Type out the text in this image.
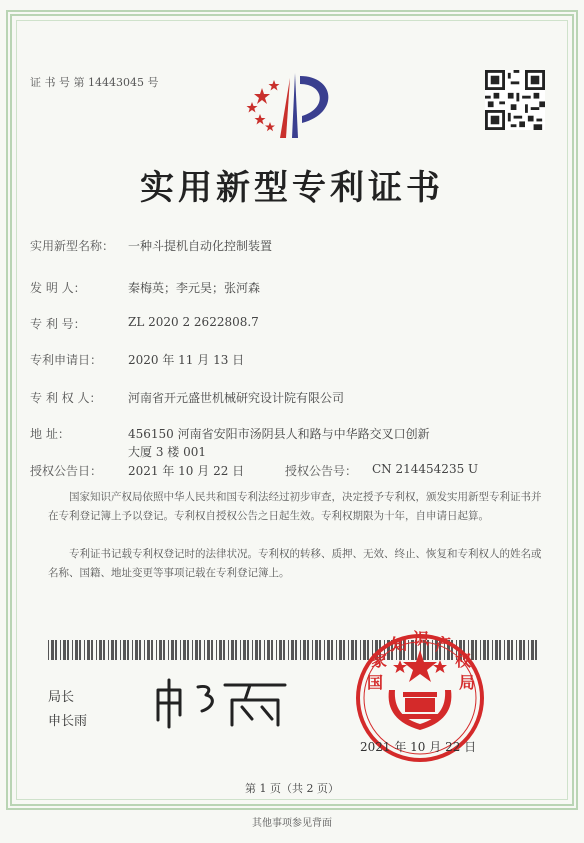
证 书 号 第 14443045 号
实用新型专利证书
实用新型名称： 一种斗提机自动化控制装置
发 明 人：	秦梅英；李元昊；张河森
专 利 号：	ZL 2020 2 2622808.7
专利申请日： 2020 年 11 月 13 日
专 利 权 人： 河南省开元盛世机械研究设计院有限公司
地 址：	456150 河南省安阳市汤阴县人和路与中华路交叉口创新
大厦 3 楼 001
授权公告日： 2021 年 10 月 22 日	授权公告号： CN 214454235 U
国家知识产权局依照中华人民共和国专利法经过初步审查，决定授予专利权，颁发实用新型专利证书并在专利登记簿上予以登记。专利权自授权公告之日起生效。专利权期限为十年，自申请日起算。
专利证书记载专利权登记时的法律状况。专利权的转移、质押、无效、终止、恢复和专利权人的姓名或名称、国籍、地址变更等事项记载在专利登记簿上。
局长
申长雨
国
家
知 识 产
权
局
2021 年 10 月 22 日
第 1 页（共 2 页）
其他事项参见背面
